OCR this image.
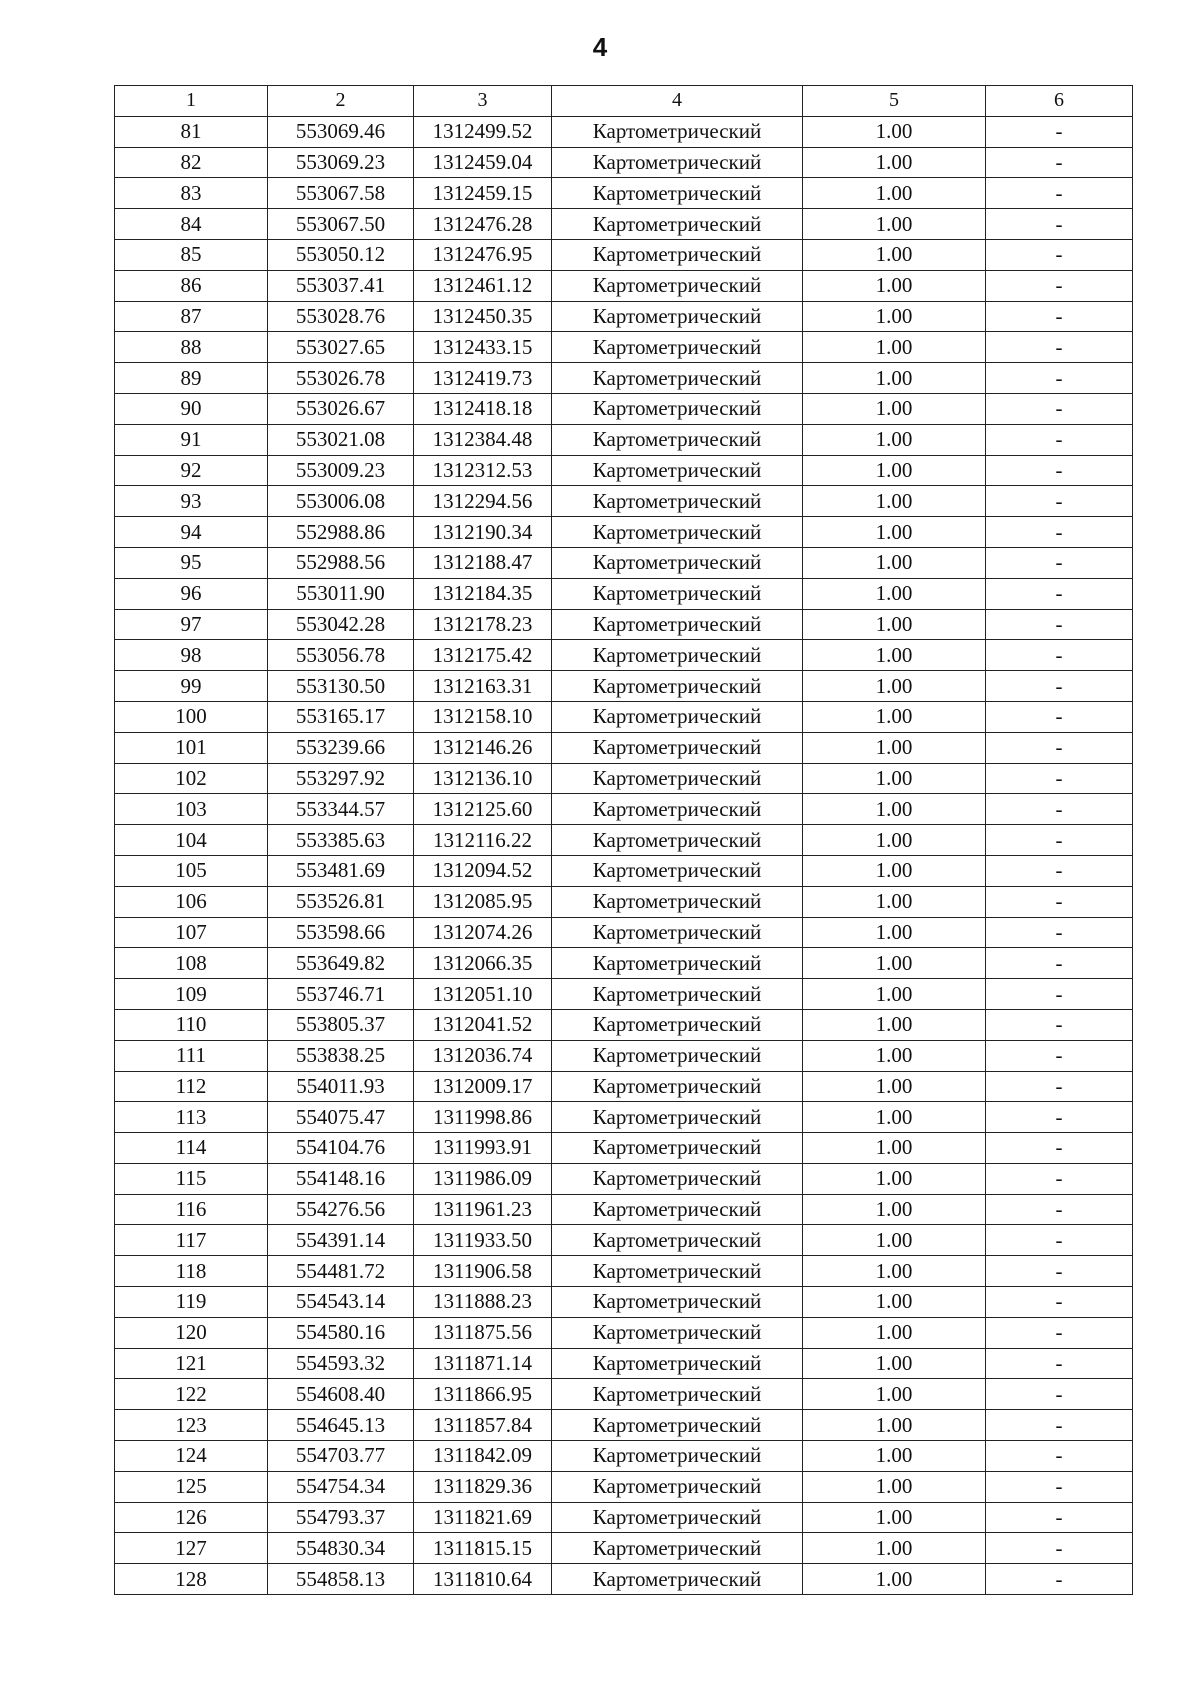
4
1	2	3	4	5	6
81	553069.46	1312499.52	Картометрический	1.00	-
82	553069.23	1312459.04	Картометрический	1.00	-
83	553067.58	1312459.15	Картометрический	1.00	-
84	553067.50	1312476.28	Картометрический	1.00	-
85	553050.12	1312476.95	Картометрический	1.00	-
86	553037.41	1312461.12	Картометрический	1.00	-
87	553028.76	1312450.35	Картометрический	1.00	-
88	553027.65	1312433.15	Картометрический	1.00	-
89	553026.78	1312419.73	Картометрический	1.00	-
90	553026.67	1312418.18	Картометрический	1.00	-
91	553021.08	1312384.48	Картометрический	1.00	-
92	553009.23	1312312.53	Картометрический	1.00	-
93	553006.08	1312294.56	Картометрический	1.00	-
94	552988.86	1312190.34	Картометрический	1.00	-
95	552988.56	1312188.47	Картометрический	1.00	-
96	553011.90	1312184.35	Картометрический	1.00	-
97	553042.28	1312178.23	Картометрический	1.00	-
98	553056.78	1312175.42	Картометрический	1.00	-
99	553130.50	1312163.31	Картометрический	1.00	-
100	553165.17	1312158.10	Картометрический	1.00	-
101	553239.66	1312146.26	Картометрический	1.00	-
102	553297.92	1312136.10	Картометрический	1.00	-
103	553344.57	1312125.60	Картометрический	1.00	-
104	553385.63	1312116.22	Картометрический	1.00	-
105	553481.69	1312094.52	Картометрический	1.00	-
106	553526.81	1312085.95	Картометрический	1.00	-
107	553598.66	1312074.26	Картометрический	1.00	-
108	553649.82	1312066.35	Картометрический	1.00	-
109	553746.71	1312051.10	Картометрический	1.00	-
110	553805.37	1312041.52	Картометрический	1.00	-
111	553838.25	1312036.74	Картометрический	1.00	-
112	554011.93	1312009.17	Картометрический	1.00	-
113	554075.47	1311998.86	Картометрический	1.00	-
114	554104.76	1311993.91	Картометрический	1.00	-
115	554148.16	1311986.09	Картометрический	1.00	-
116	554276.56	1311961.23	Картометрический	1.00	-
117	554391.14	1311933.50	Картометрический	1.00	-
118	554481.72	1311906.58	Картометрический	1.00	-
119	554543.14	1311888.23	Картометрический	1.00	-
120	554580.16	1311875.56	Картометрический	1.00	-
121	554593.32	1311871.14	Картометрический	1.00	-
122	554608.40	1311866.95	Картометрический	1.00	-
123	554645.13	1311857.84	Картометрический	1.00	-
124	554703.77	1311842.09	Картометрический	1.00	-
125	554754.34	1311829.36	Картометрический	1.00	-
126	554793.37	1311821.69	Картометрический	1.00	-
127	554830.34	1311815.15	Картометрический	1.00	-
128	554858.13	1311810.64	Картометрический	1.00	-
